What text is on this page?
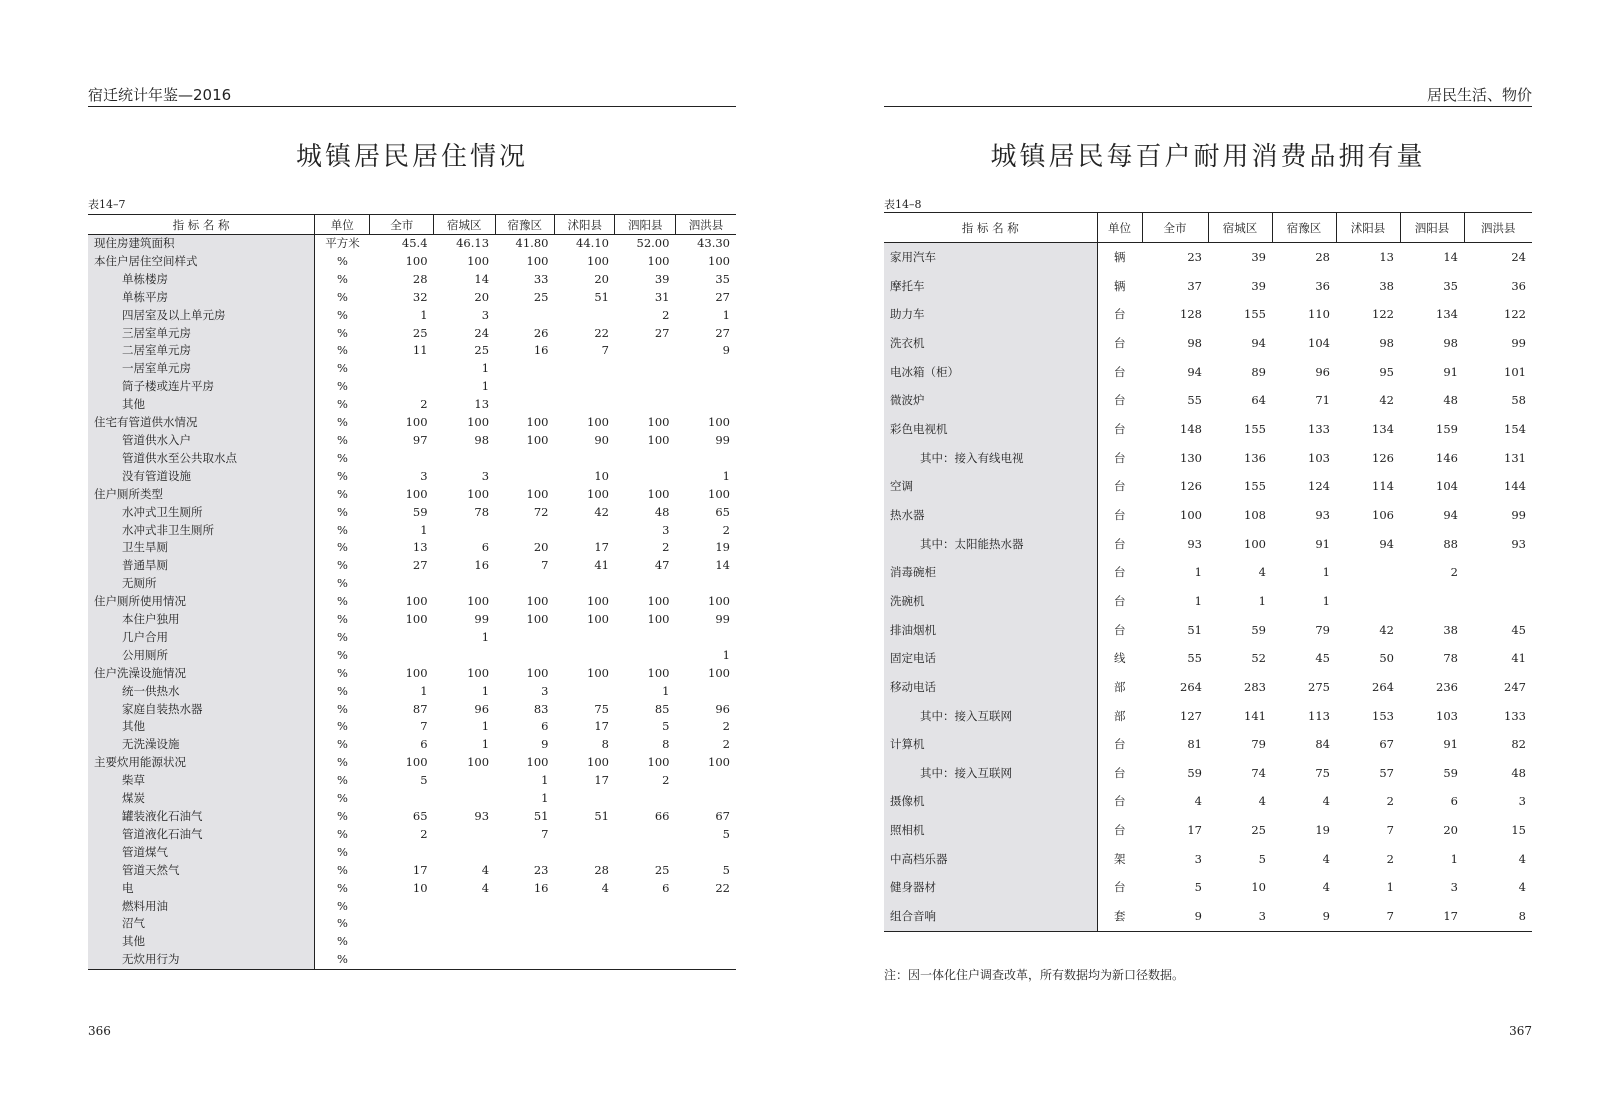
宿迁统计年鉴—2016
城镇居民居住情况
表14–7
指 标 名 称	单位	全市	宿城区	宿豫区	沭阳县	泗阳县	泗洪县
现住房建筑面积	平方米	45.4	46.13	41.80	44.10	52.00	43.30
本住户居住空间样式	%	100	100	100	100	100	100
单栋楼房	%	28	14	33	20	39	35
单栋平房	%	32	20	25	51	31	27
四居室及以上单元房	%	1	3			2	1
三居室单元房	%	25	24	26	22	27	27
二居室单元房	%	11	25	16	7		9
一居室单元房	%		1				
筒子楼或连片平房	%		1				
其他	%	2	13				
住宅有管道供水情况	%	100	100	100	100	100	100
管道供水入户	%	97	98	100	90	100	99
管道供水至公共取水点	%						
没有管道设施	%	3	3		10		1
住户厕所类型	%	100	100	100	100	100	100
水冲式卫生厕所	%	59	78	72	42	48	65
水冲式非卫生厕所	%	1				3	2
卫生旱厕	%	13	6	20	17	2	19
普通旱厕	%	27	16	7	41	47	14
无厕所	%						
住户厕所使用情况	%	100	100	100	100	100	100
本住户独用	%	100	99	100	100	100	99
几户合用	%		1				
公用厕所	%						1
住户洗澡设施情况	%	100	100	100	100	100	100
统一供热水	%	1	1	3		1	
家庭自装热水器	%	87	96	83	75	85	96
其他	%	7	1	6	17	5	2
无洗澡设施	%	6	1	9	8	8	2
主要炊用能源状况	%	100	100	100	100	100	100
柴草	%	5		1	17	2	
煤炭	%			1			
罐装液化石油气	%	65	93	51	51	66	67
管道液化石油气	%	2		7			5
管道煤气	%						
管道天然气	%	17	4	23	28	25	5
电	%	10	4	16	4	6	22
燃料用油	%						
沼气	%						
其他	%						
无炊用行为	%						
366
居民生活、物价
城镇居民每百户耐用消费品拥有量
表14–8
指 标 名 称	单位	全市	宿城区	宿豫区	沭阳县	泗阳县	泗洪县
家用汽车	辆	23	39	28	13	14	24
摩托车	辆	37	39	36	38	35	36
助力车	台	128	155	110	122	134	122
洗衣机	台	98	94	104	98	98	99
电冰箱（柜）	台	94	89	96	95	91	101
微波炉	台	55	64	71	42	48	58
彩色电视机	台	148	155	133	134	159	154
其中：接入有线电视	台	130	136	103	126	146	131
空调	台	126	155	124	114	104	144
热水器	台	100	108	93	106	94	99
其中：太阳能热水器	台	93	100	91	94	88	93
消毒碗柜	台	1	4	1		2	
洗碗机	台	1	1	1			
排油烟机	台	51	59	79	42	38	45
固定电话	线	55	52	45	50	78	41
移动电话	部	264	283	275	264	236	247
其中：接入互联网	部	127	141	113	153	103	133
计算机	台	81	79	84	67	91	82
其中：接入互联网	台	59	74	75	57	59	48
摄像机	台	4	4	4	2	6	3
照相机	台	17	25	19	7	20	15
中高档乐器	架	3	5	4	2	1	4
健身器材	台	5	10	4	1	3	4
组合音响	套	9	3	9	7	17	8
注：因一体化住户调查改革，所有数据均为新口径数据。
367
